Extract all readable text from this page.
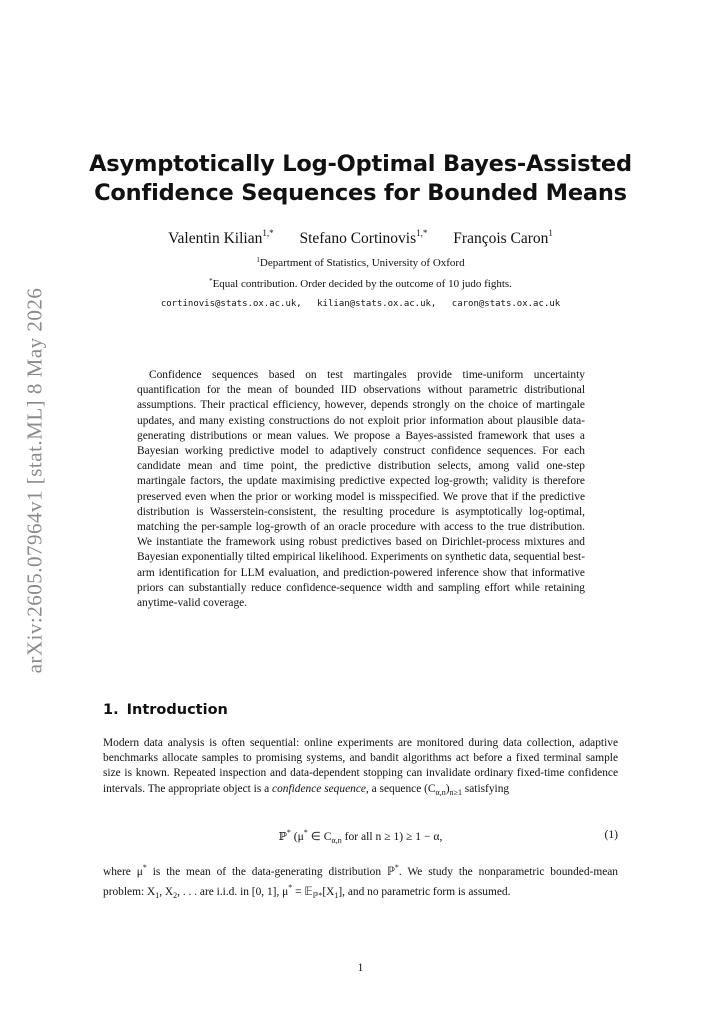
arXiv:2605.07964v1 [stat.ML] 8 May 2026
Asymptotically Log-Optimal Bayes-Assisted
Confidence Sequences for Bounded Means
Valentin Kilian$^{1,*}$ Stefano Cortinovis$^{1,*}$ François Caron$^1$
$^1$Department of Statistics, University of Oxford
*Equal contribution. Order decided by the outcome of 10 judo fights.
cortinovis@stats.ox.ac.uk, kilian@stats.ox.ac.uk, caron@stats.ox.ac.uk

Confidence sequences based on test martingales provide time-uniform uncertainty quantification for the mean of bounded IID observations without parametric distributional assumptions. Their practical efficiency, however, depends strongly on the choice of martingale updates, and many existing constructions do not exploit prior information about plausible data-generating distributions or mean values. We propose a Bayes-assisted framework that uses a Bayesian working predictive model to adaptively construct confidence sequences. For each candidate mean and time point, the predictive distribution selects, among valid one-step martingale factors, the update maximising predictive expected log-growth; validity is therefore preserved even when the prior or working model is misspecified. We prove that if the predictive distribution is Wasserstein-consistent, the resulting procedure is asymptotically log-optimal, matching the per-sample log-growth of an oracle procedure with access to the true distribution. We instantiate the framework using robust predictives based on Dirichlet-process mixtures and Bayesian exponentially tilted empirical likelihood. Experiments on synthetic data, sequential best-arm identification for LLM evaluation, and prediction-powered inference show that informative priors can substantially reduce confidence-sequence width and sampling effort while retaining anytime-valid coverage.

1. Introduction

Modern data analysis is often sequential: online experiments are monitored during data collection, adaptive benchmarks allocate samples to promising systems, and bandit algorithms act before a fixed terminal sample size is known. Repeated inspection and data-dependent stopping can invalidate ordinary fixed-time confidence intervals. The appropriate object is a confidence sequence, a sequence $(C_{\alpha,n})_{n\ge 1}$ satisfying

ℙ* (μ* ∈ $C_{\alpha,n}$ for all n ≥ 1) ≥ 1 − α,	(1)

where μ* is the mean of the data-generating distribution ℙ*. We study the nonparametric bounded-mean problem: $X_1$, $X_2$, . . . are i.i.d. in [0, 1], $\mu^* = 𝔼_{ℙ*}[X_1]$, and no parametric form is assumed.

1
